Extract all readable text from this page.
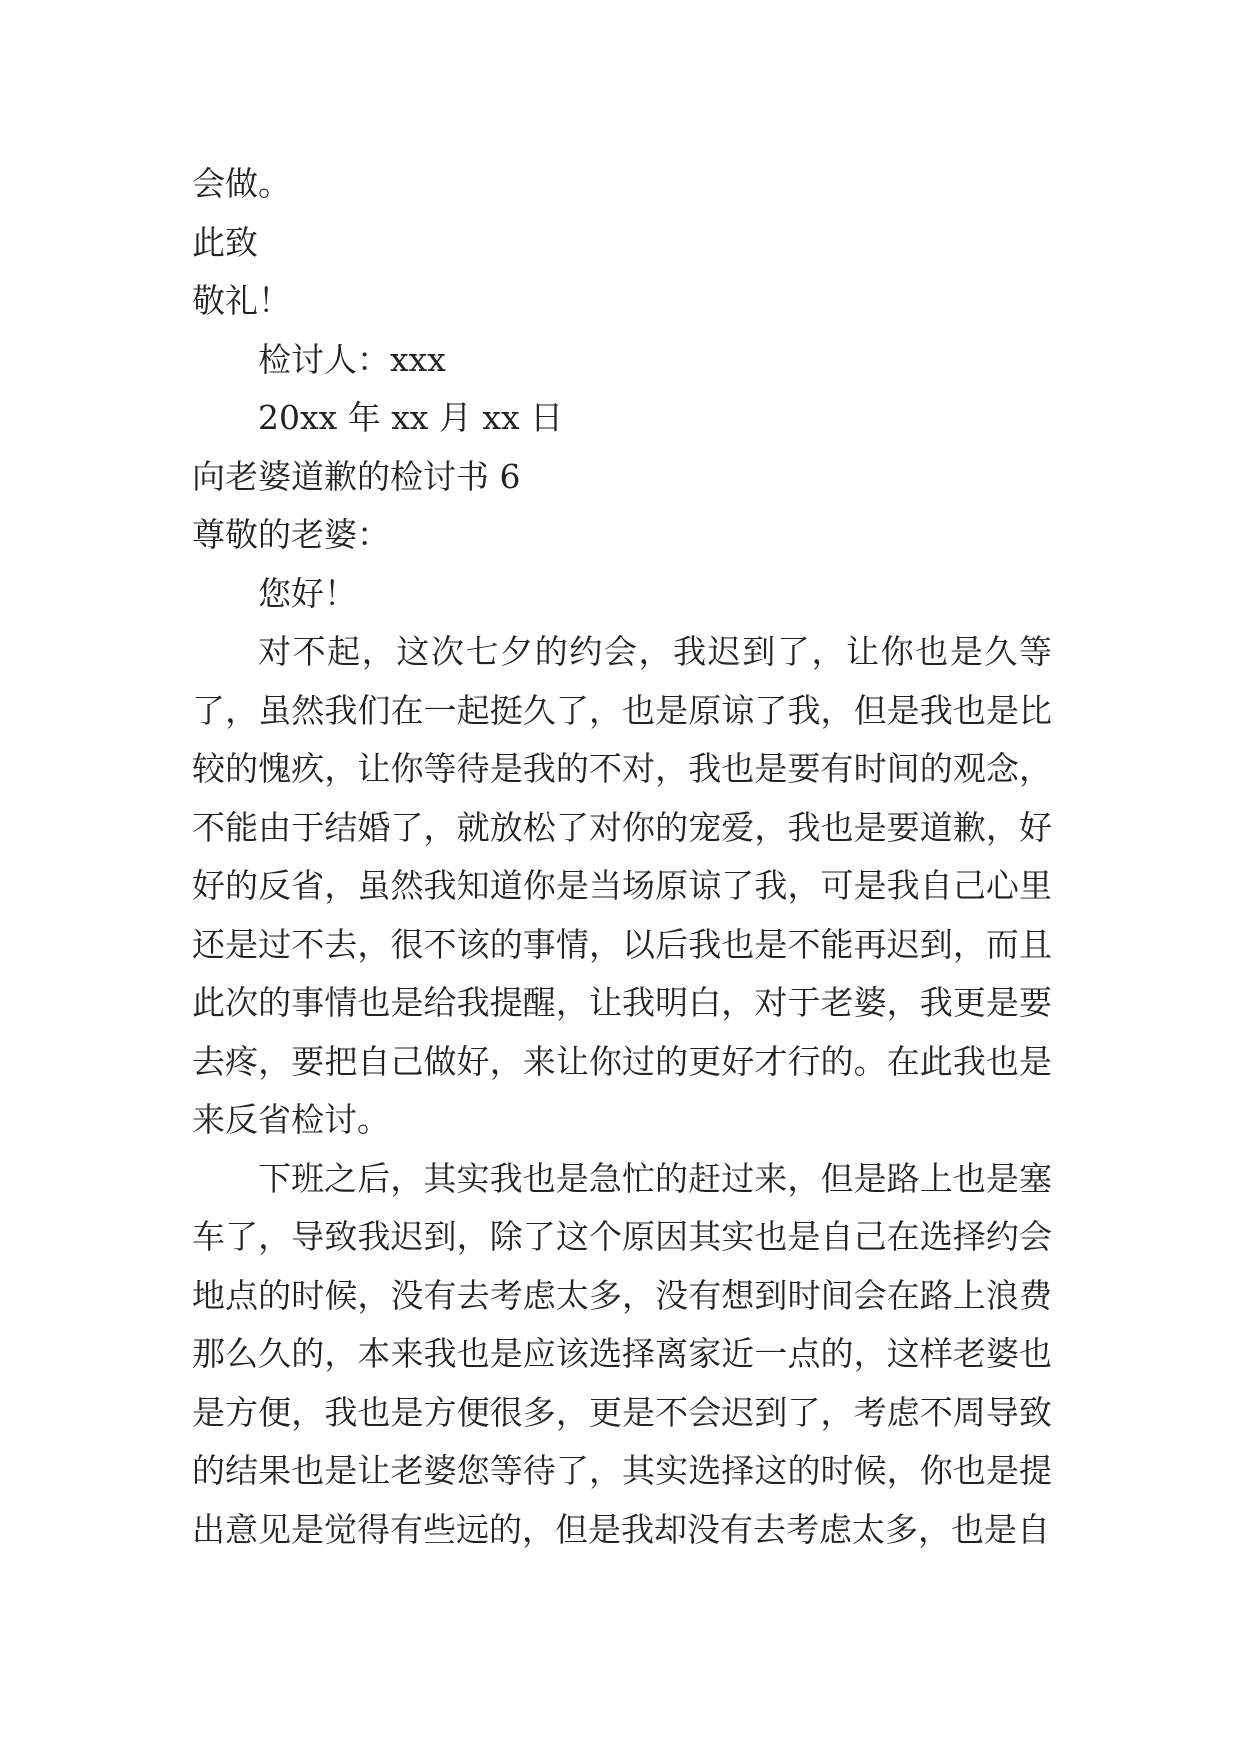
会做。
此致
敬礼！
检讨人：xxx
20xx 年 xx 月 xx 日
向老婆道歉的检讨书 6
尊敬的老婆：
您好！
对不起，这次七夕的约会，我迟到了，让你也是久等了，虽然我们在一起挺久了，也是原谅了我，但是我也是比较的愧疚，让你等待是我的不对，我也是要有时间的观念，不能由于结婚了，就放松了对你的宠爱，我也是要道歉，好好的反省，虽然我知道你是当场原谅了我，可是我自己心里还是过不去，很不该的事情，以后我也是不能再迟到，而且此次的事情也是给我提醒，让我明白，对于老婆，我更是要去疼，要把自己做好，来让你过的更好才行的。在此我也是来反省检讨。
下班之后，其实我也是急忙的赶过来，但是路上也是塞车了，导致我迟到，除了这个原因其实也是自己在选择约会地点的时候，没有去考虑太多，没有想到时间会在路上浪费那么久的，本来我也是应该选择离家近一点的，这样老婆也是方便，我也是方便很多，更是不会迟到了，考虑不周导致的结果也是让老婆您等待了，其实选择这的时候，你也是提出意见是觉得有些远的，但是我却没有去考虑太多，也是自
